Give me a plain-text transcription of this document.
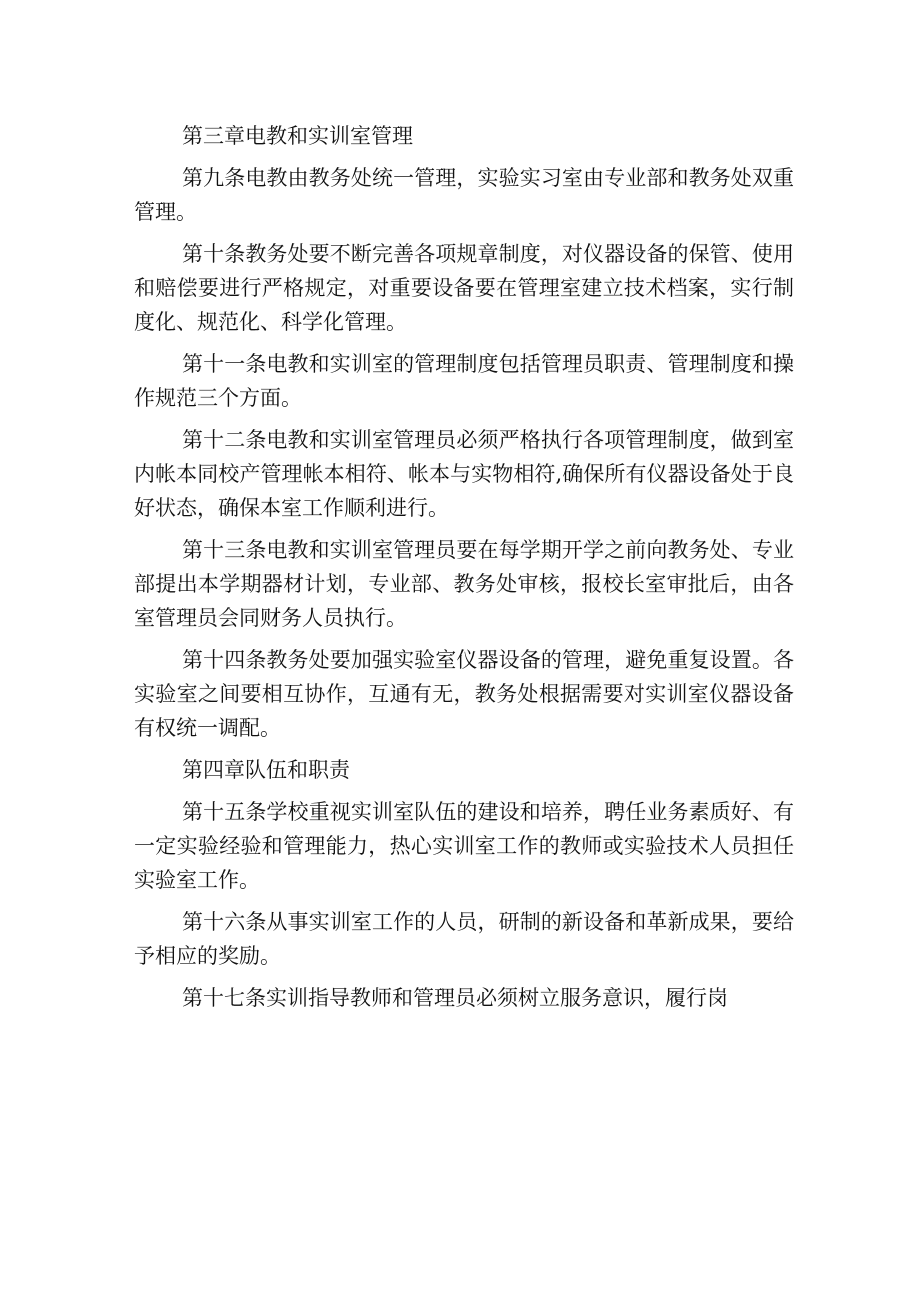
第三章电教和实训室管理

第九条电教由教务处统一管理，实验实习室由专业部和教务处双重管理。

第十条教务处要不断完善各项规章制度，对仪器设备的保管、使用和赔偿要进行严格规定，对重要设备要在管理室建立技术档案，实行制度化、规范化、科学化管理。

第十一条电教和实训室的管理制度包括管理员职责、管理制度和操作规范三个方面。

第十二条电教和实训室管理员必须严格执行各项管理制度，做到室内帐本同校产管理帐本相符、帐本与实物相符,确保所有仪器设备处于良好状态，确保本室工作顺利进行。

第十三条电教和实训室管理员要在每学期开学之前向教务处、专业部提出本学期器材计划，专业部、教务处审核，报校长室审批后，由各室管理员会同财务人员执行。

第十四条教务处要加强实验室仪器设备的管理，避免重复设置。各实验室之间要相互协作，互通有无，教务处根据需要对实训室仪器设备有权统一调配。

第四章队伍和职责

第十五条学校重视实训室队伍的建设和培养，聘任业务素质好、有一定实验经验和管理能力，热心实训室工作的教师或实验技术人员担任实验室工作。

第十六条从事实训室工作的人员，研制的新设备和革新成果，要给予相应的奖励。

第十七条实训指导教师和管理员必须树立服务意识，履行岗
